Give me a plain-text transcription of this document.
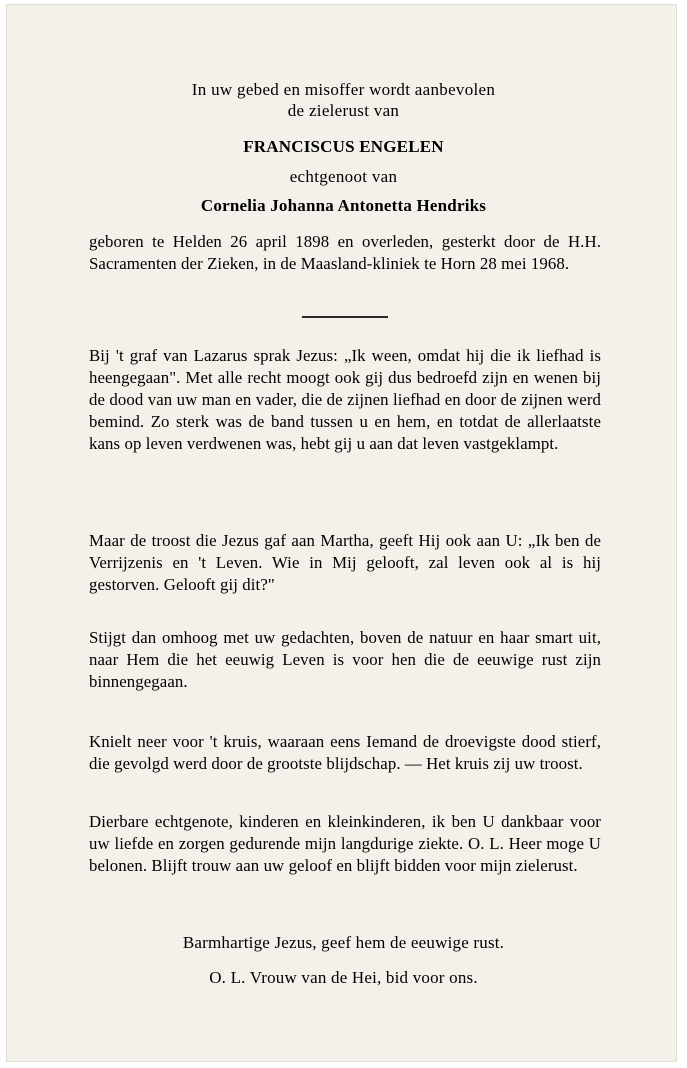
In uw gebed en misoffer wordt aanbevolen
de zielerust van
FRANCISCUS ENGELEN
echtgenoot van
Cornelia Johanna Antonetta Hendriks
geboren te Helden 26 april 1898 en overleden, gesterkt door de H.H. Sacramenten der Zieken, in de Maasland-kliniek te Horn 28 mei 1968.
Bij 't graf van Lazarus sprak Jezus: „Ik ween, omdat hij die ik liefhad is heengegaan". Met alle recht moogt ook gij dus bedroefd zijn en wenen bij de dood van uw man en vader, die de zijnen liefhad en door de zijnen werd bemind. Zo sterk was de band tussen u en hem, en totdat de allerlaatste kans op leven verdwenen was, hebt gij u aan dat leven vastgeklampt.
Maar de troost die Jezus gaf aan Martha, geeft Hij ook aan U: „Ik ben de Verrijzenis en 't Leven. Wie in Mij gelooft, zal leven ook al is hij gestorven. Gelooft gij dit?"
Stijgt dan omhoog met uw gedachten, boven de natuur en haar smart uit, naar Hem die het eeuwig Leven is voor hen die de eeuwige rust zijn binnengegaan.
Knielt neer voor 't kruis, waaraan eens Iemand de droevigste dood stierf, die gevolgd werd door de grootste blijdschap. — Het kruis zij uw troost.
Dierbare echtgenote, kinderen en kleinkinderen, ik ben U dankbaar voor uw liefde en zorgen gedurende mijn langdurige ziekte. O. L. Heer moge U belonen. Blijft trouw aan uw geloof en blijft bidden voor mijn zielerust.
Barmhartige Jezus, geef hem de eeuwige rust.
O. L. Vrouw van de Hei, bid voor ons.
